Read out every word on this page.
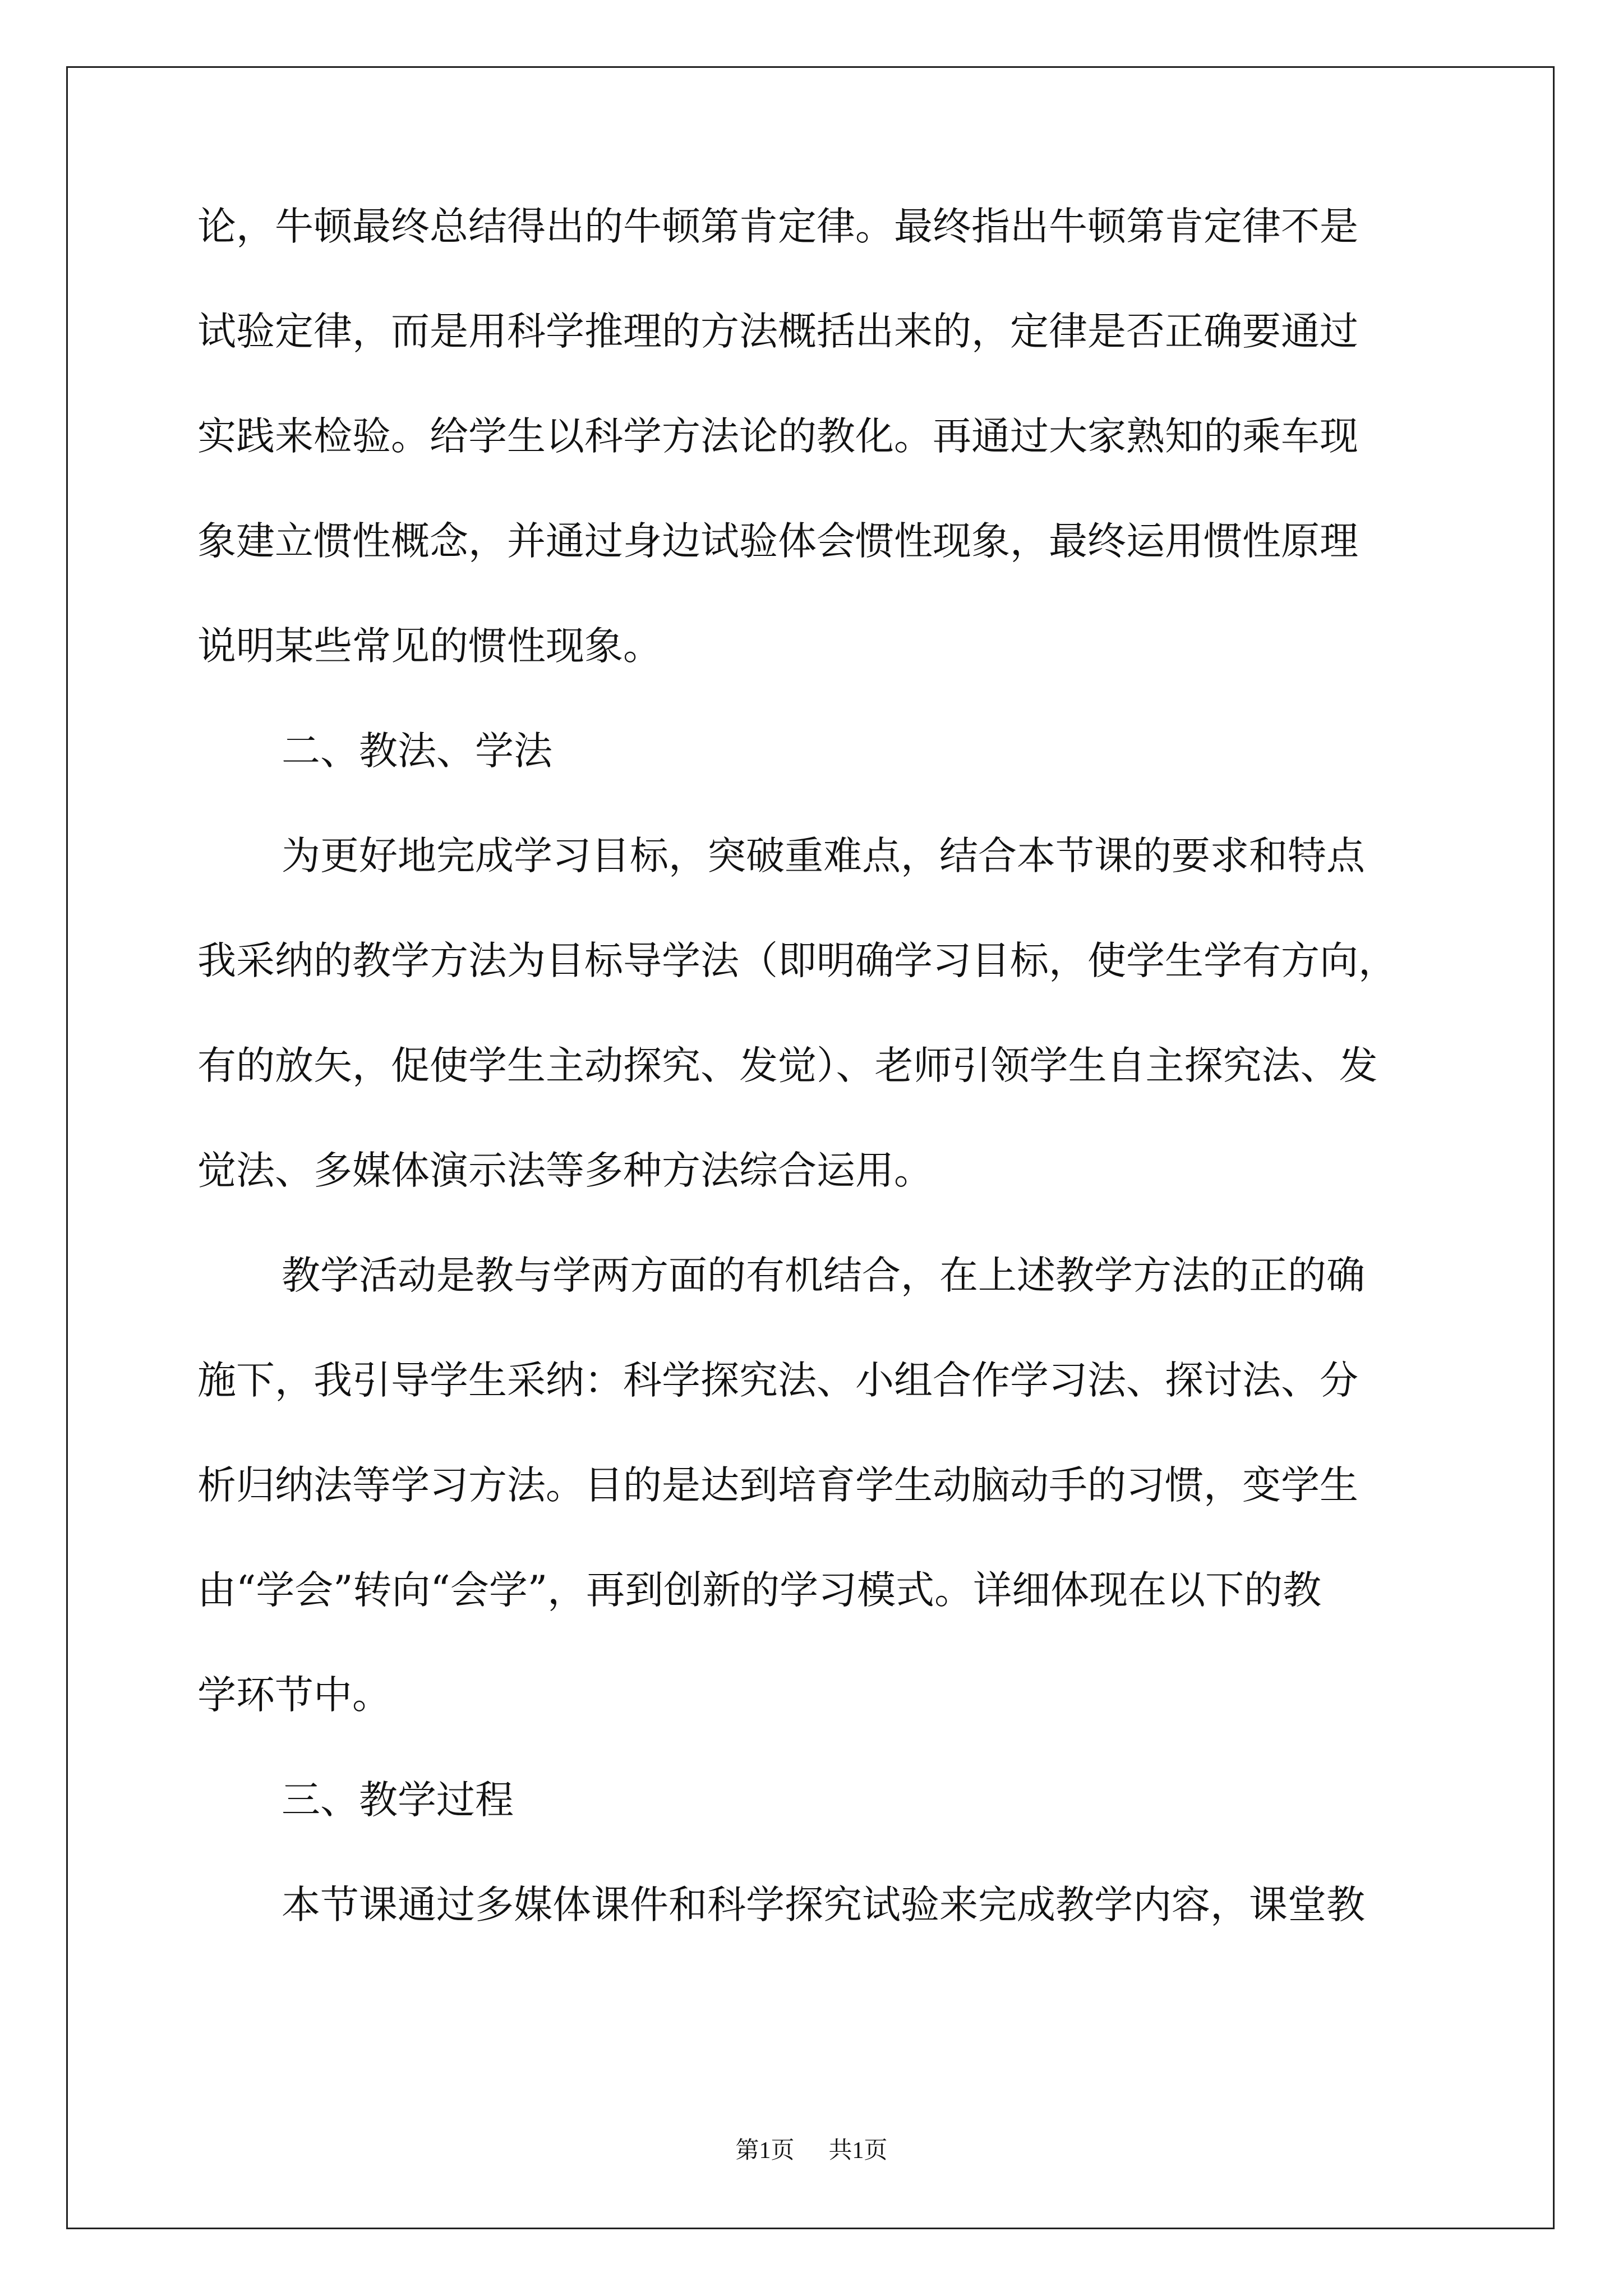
论，牛顿最终总结得出的牛顿第肯定律。最终指出牛顿第肯定律不是
试验定律，而是用科学推理的方法概括出来的，定律是否正确要通过
实践来检验。给学生以科学方法论的教化。再通过大家熟知的乘车现
象建立惯性概念，并通过身边试验体会惯性现象，最终运用惯性原理
说明某些常见的惯性现象。
二、教法、学法
为更好地完成学习目标，突破重难点，结合本节课的要求和特点
我采纳的教学方法为目标导学法（即明确学习目标，使学生学有方向，
有的放矢，促使学生主动探究、发觉）、老师引领学生自主探究法、发
觉法、多媒体演示法等多种方法综合运用。
教学活动是教与学两方面的有机结合，在上述教学方法的正的确
施下，我引导学生采纳：科学探究法、小组合作学习法、探讨法、分
析归纳法等学习方法。目的是达到培育学生动脑动手的习惯，变学生
由“学会”转向“会学”，再到创新的学习模式。详细体现在以下的教
学环节中。
三、教学过程
本节课通过多媒体课件和科学探究试验来完成教学内容，课堂教
第1页 共1页
